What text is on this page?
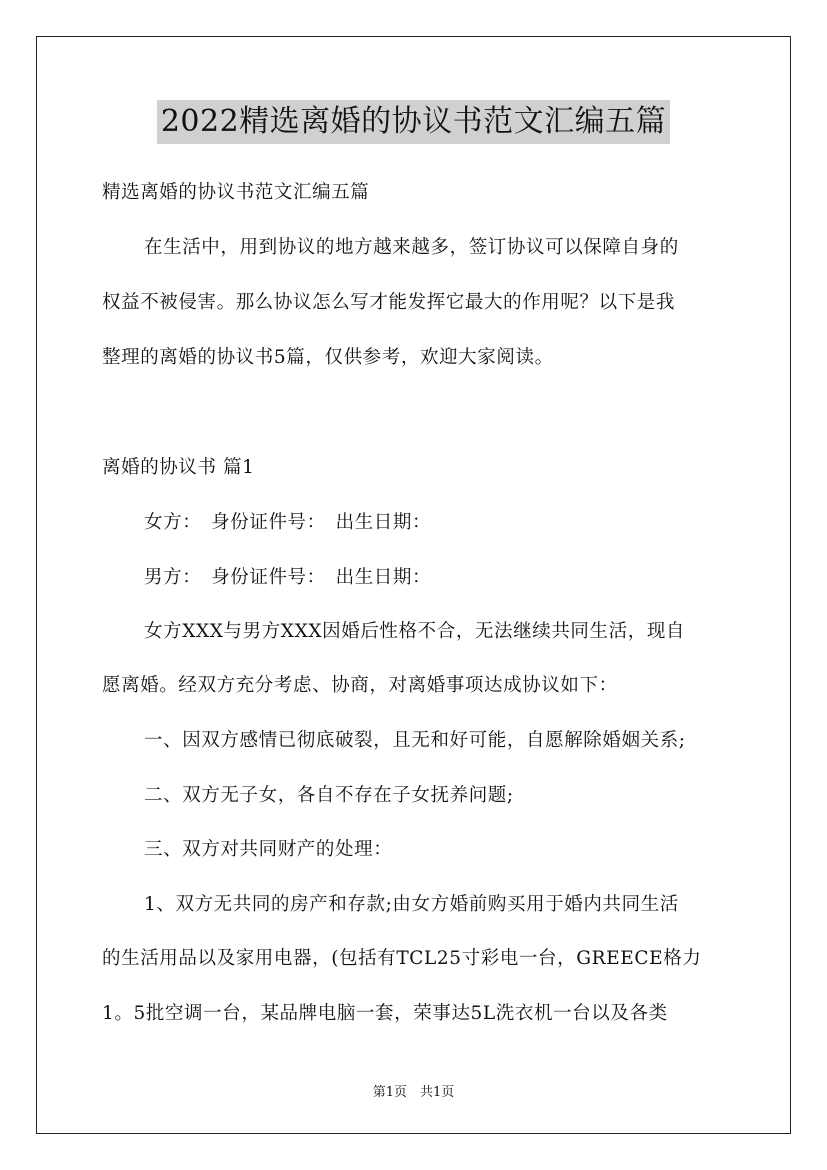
2022精选离婚的协议书范文汇编五篇
精选离婚的协议书范文汇编五篇
在生活中，用到协议的地方越来越多，签订协议可以保障自身的
权益不被侵害。那么协议怎么写才能发挥它最大的作用呢？以下是我
整理的离婚的协议书5篇，仅供参考，欢迎大家阅读。
离婚的协议书 篇1
女方：　身份证件号：　出生日期：
男方：　身份证件号：　出生日期：
女方XXX与男方XXX因婚后性格不合，无法继续共同生活，现自
愿离婚。经双方充分考虑、协商，对离婚事项达成协议如下：
一、因双方感情已彻底破裂，且无和好可能，自愿解除婚姻关系;
二、双方无子女，各自不存在子女抚养问题;
三、双方对共同财产的处理：
1、双方无共同的房产和存款;由女方婚前购买用于婚内共同生活
的生活用品以及家用电器，(包括有TCL25寸彩电一台，GREECE格力
1。5批空调一台，某品牌电脑一套，荣事达5L洗衣机一台以及各类
第1页　共1页
